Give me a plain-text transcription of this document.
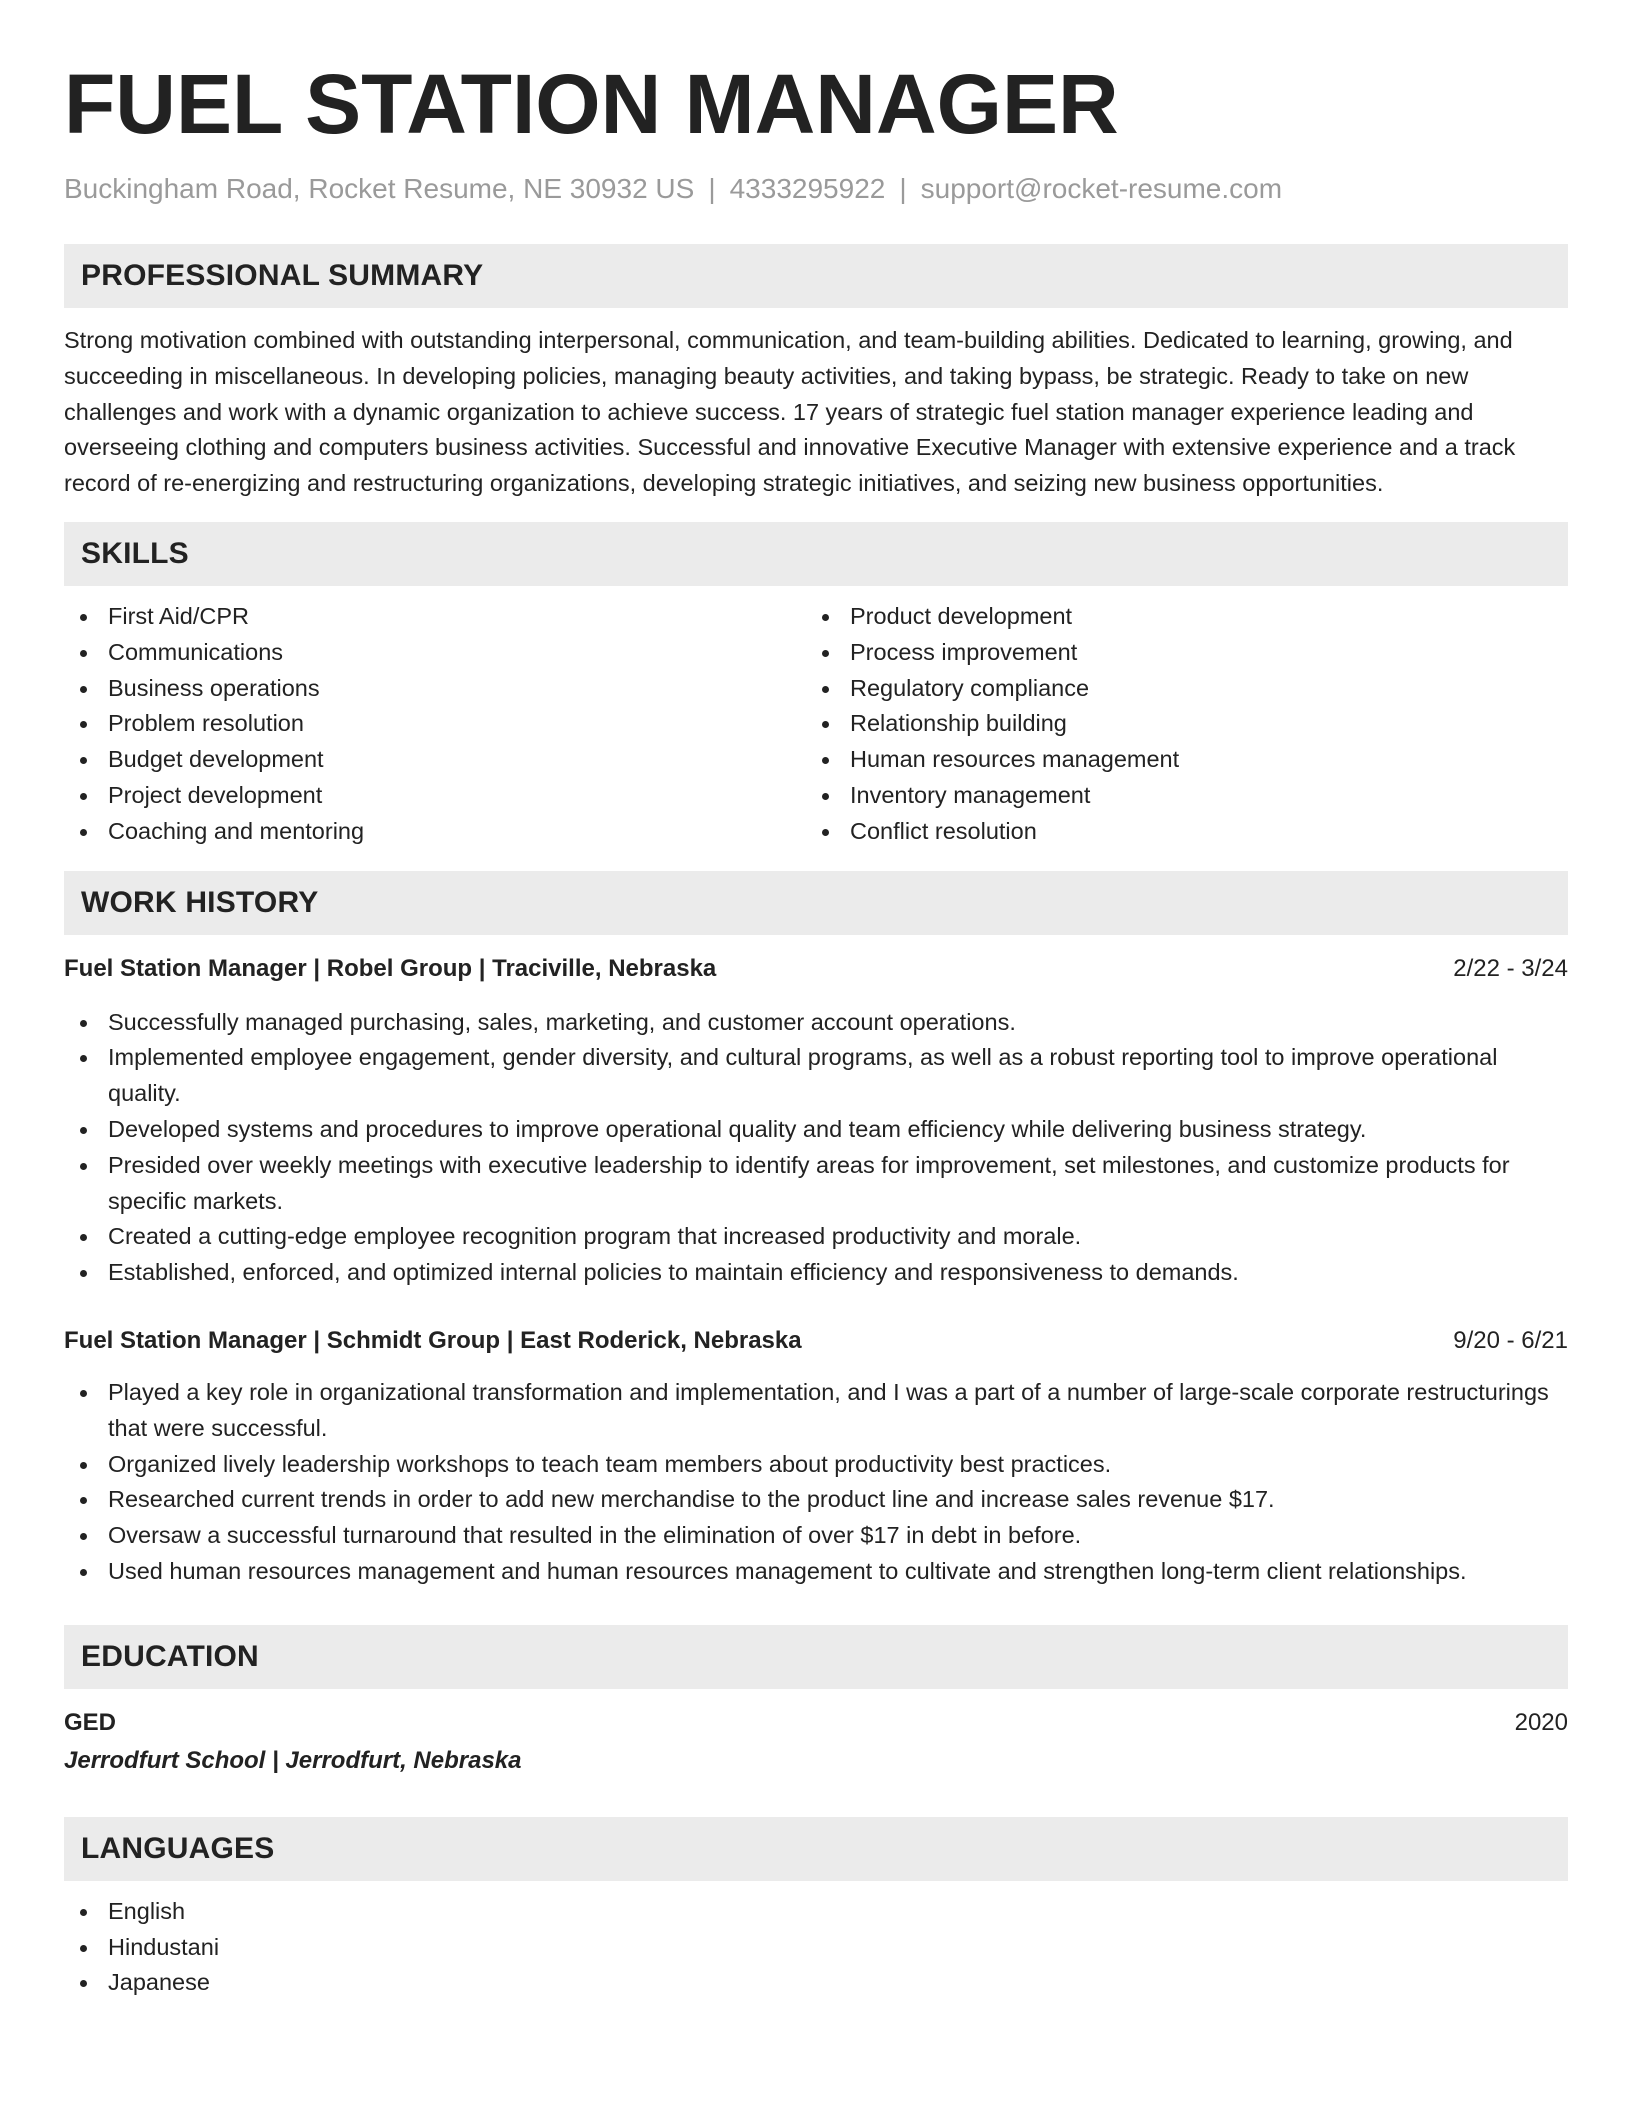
FUEL STATION MANAGER
Buckingham Road, Rocket Resume, NE 30932 US | 4333295922 | support@rocket-resume.com
PROFESSIONAL SUMMARY

Strong motivation combined with outstanding interpersonal, communication, and team-building abilities. Dedicated to learning, growing, and succeeding in miscellaneous. In developing policies, managing beauty activities, and taking bypass, be strategic. Ready to take on new challenges and work with a dynamic organization to achieve success. 17 years of strategic fuel station manager experience leading and overseeing clothing and computers business activities. Successful and innovative Executive Manager with extensive experience and a track record of re-energizing and restructuring organizations, developing strategic initiatives, and seizing new business opportunities.

SKILLS
First Aid/CPR
Communications
Business operations
Problem resolution
Budget development
Project development
Coaching and mentoring
Product development
Process improvement
Regulatory compliance
Relationship building
Human resources management
Inventory management
Conflict resolution
WORK HISTORY
Fuel Station Manager | Robel Group | Traciville, Nebraska	2/22 - 3/24
Successfully managed purchasing, sales, marketing, and customer account operations.
Implemented employee engagement, gender diversity, and cultural programs, as well as a robust reporting tool to improve operational quality.
Developed systems and procedures to improve operational quality and team efficiency while delivering business strategy.
Presided over weekly meetings with executive leadership to identify areas for improvement, set milestones, and customize products for specific markets.
Created a cutting-edge employee recognition program that increased productivity and morale.
Established, enforced, and optimized internal policies to maintain efficiency and responsiveness to demands.
Fuel Station Manager | Schmidt Group | East Roderick, Nebraska	9/20 - 6/21
Played a key role in organizational transformation and implementation, and I was a part of a number of large-scale corporate restructurings that were successful.
Organized lively leadership workshops to teach team members about productivity best practices.
Researched current trends in order to add new merchandise to the product line and increase sales revenue $17.
Oversaw a successful turnaround that resulted in the elimination of over $17 in debt in before.
Used human resources management and human resources management to cultivate and strengthen long-term client relationships.
EDUCATION
GED	2020
Jerrodfurt School | Jerrodfurt, Nebraska
LANGUAGES
English
Hindustani
Japanese
